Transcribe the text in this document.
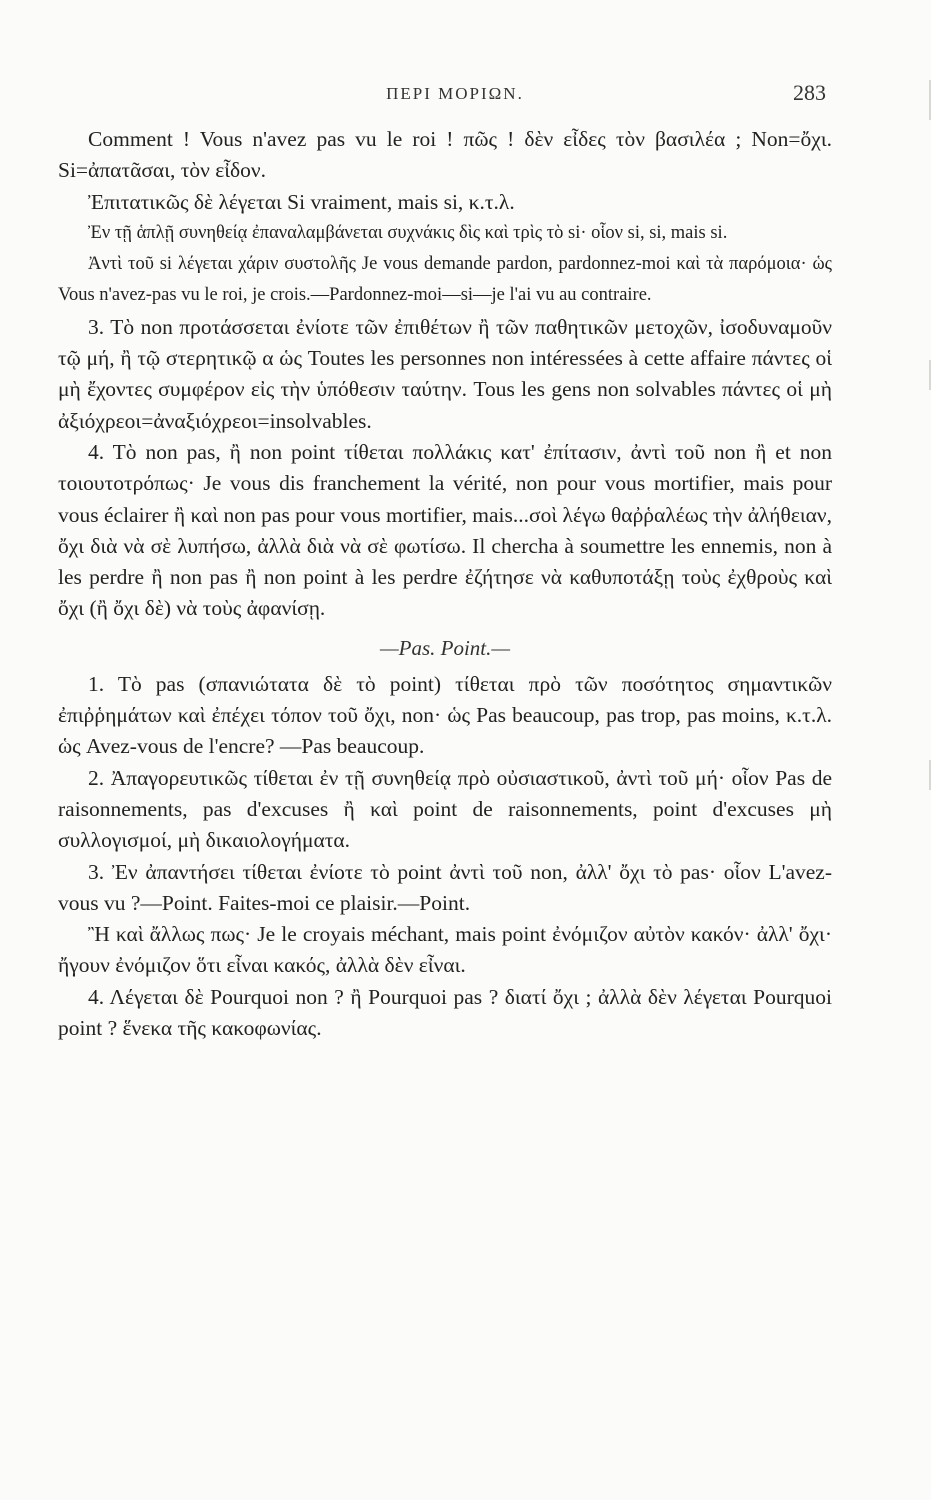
ΠΕΡΙ ΜΟΡΙΩΝ.	283

Comment ! Vous n'avez pas vu le roi ! πῶς ! δὲν εἶδες τὸν βασιλέα ; Non=ὄχι. Si=ἀπατᾶσαι, τὸν εἶδον.

Ἐπιτατικῶς δὲ λέγεται Si vraiment, mais si, κ.τ.λ.

Ἐν τῇ ἁπλῇ συνηθείᾳ ἐπαναλαμβάνεται συχνάκις δὶς καὶ τρὶς τὸ si· οἷον si, si, mais si.

Ἀντὶ τοῦ si λέγεται χάριν συστολῆς Je vous demande pardon, pardonnez-moi καὶ τὰ παρόμοια· ὡς Vous n'avez-pas vu le roi, je crois.—Pardonnez-moi—si—je l'ai vu au contraire.

3. Τὸ non προτάσσεται ἐνίοτε τῶν ἐπιθέτων ἢ τῶν παθητικῶν μετοχῶν, ἰσοδυναμοῦν τῷ μή, ἢ τῷ στερητικῷ α ὡς Toutes les personnes non intéressées à cette affaire πάντες οἱ μὴ ἔχοντες συμφέρον εἰς τὴν ὑπόθεσιν ταύτην. Tous les gens non solvables πάντες οἱ μὴ ἀξιόχρεοι=ἀναξιόχρεοι=insolvables.

4. Τὸ non pas, ἢ non point τίθεται πολλάκις κατ' ἐπίτασιν, ἀντὶ τοῦ non ἢ et non τοιουτοτρόπως· Je vous dis franchement la vérité, non pour vous mortifier, mais pour vous éclairer ἢ καὶ non pas pour vous mortifier, mais...σοὶ λέγω θαῤῥαλέως τὴν ἀλήθειαν, ὄχι διὰ νὰ σὲ λυπήσω, ἀλλὰ διὰ νὰ σὲ φωτίσω. Il chercha à soumettre les ennemis, non à les perdre ἢ non pas ἢ non point à les perdre ἐζήτησε νὰ καθυποτάξῃ τοὺς ἐχθροὺς καὶ ὄχι (ἢ ὄχι δὲ) νὰ τοὺς ἀφανίσῃ.

—Pas. Point.—

1. Τὸ pas (σπανιώτατα δὲ τὸ point) τίθεται πρὸ τῶν ποσότητος σημαντικῶν ἐπιῤῥημάτων καὶ ἐπέχει τόπον τοῦ ὄχι, non· ὡς Pas beaucoup, pas trop, pas moins, κ.τ.λ. ὡς Avez-vous de l'encre? —Pas beaucoup.

2. Ἀπαγορευτικῶς τίθεται ἐν τῇ συνηθείᾳ πρὸ οὐσιαστικοῦ, ἀντὶ τοῦ μή· οἷον Pas de raisonnements, pas d'excuses ἢ καὶ point de raisonnements, point d'excuses μὴ συλλογισμοί, μὴ δικαιολογήματα.

3. Ἐν ἀπαντήσει τίθεται ἐνίοτε τὸ point ἀντὶ τοῦ non, ἀλλ' ὄχι τὸ pas· οἷον L'avez-vous vu ?—Point. Faites-moi ce plaisir.—Point.

Ἢ καὶ ἄλλως πως· Je le croyais méchant, mais point ἐνόμιζον αὐτὸν κακόν· ἀλλ' ὄχι· ἤγουν ἐνόμιζον ὅτι εἶναι κακός, ἀλλὰ δὲν εἶναι.

4. Λέγεται δὲ Pourquoi non ? ἢ Pourquoi pas ? διατί ὄχι ; ἀλλὰ δὲν λέγεται Pourquoi point ? ἕνεκα τῆς κακοφωνίας.
